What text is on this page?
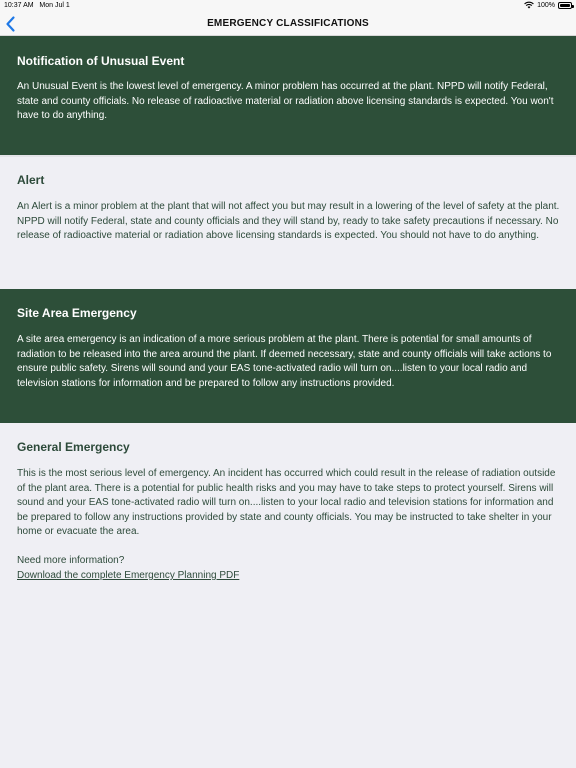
10:37 AM Mon Jul 1	100%
EMERGENCY CLASSIFICATIONS
Notification of Unusual Event

An Unusual Event is the lowest level of emergency. A minor problem has occurred at the plant. NPPD will notify Federal, state and county officials. No release of radioactive material or radiation above licensing standards is expected. You won't have to do anything.

Alert

An Alert is a minor problem at the plant that will not affect you but may result in a lowering of the level of safety at the plant. NPPD will notify Federal, state and county officials and they will stand by, ready to take safety precautions if necessary. No release of radioactive material or radiation above licensing standards is expected. You should not have to do anything.

Site Area Emergency

A site area emergency is an indication of a more serious problem at the plant. There is potential for small amounts of radiation to be released into the area around the plant. If deemed necessary, state and county officials will take actions to ensure public safety. Sirens will sound and your EAS tone-activated radio will turn on....listen to your local radio and television stations for information and be prepared to follow any instructions provided.

General Emergency

This is the most serious level of emergency. An incident has occurred which could result in the release of radiation outside of the plant area. There is a potential for public health risks and you may have to take steps to protect yourself. Sirens will sound and your EAS tone-activated radio will turn on....listen to your local radio and television stations for information and be prepared to follow any instructions provided by state and county officials. You may be instructed to take shelter in your home or evacuate the area.

Need more information?
Download the complete Emergency Planning PDF
